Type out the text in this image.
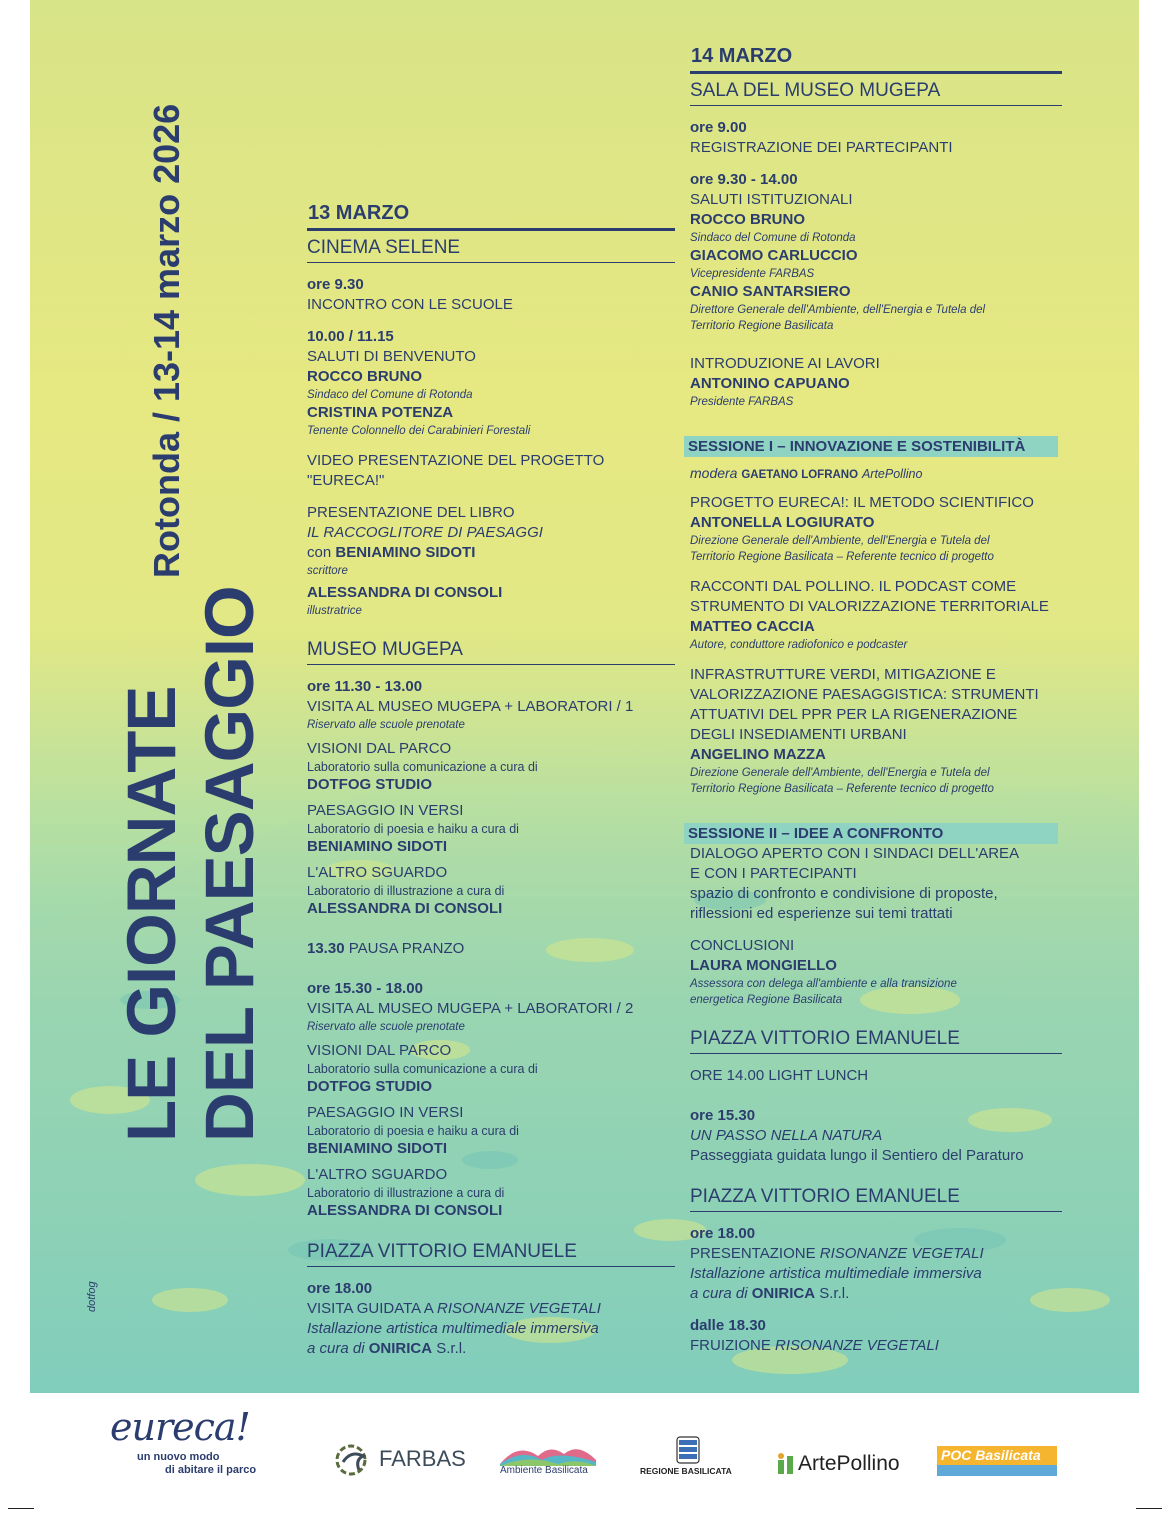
LE GIORNATE DEL PAESAGGIO
Rotonda / 13-14 marzo 2026
dotfog
13 MARZO
CINEMA SELENE
ore 9.30
INCONTRO CON LE SCUOLE
10.00 / 11.15
SALUTI DI BENVENUTO
ROCCO BRUNO
Sindaco del Comune di Rotonda
CRISTINA POTENZA
Tenente Colonnello dei Carabinieri Forestali
VIDEO PRESENTAZIONE DEL PROGETTO
"EURECA!"
PRESENTAZIONE DEL LIBRO
IL RACCOGLITORE DI PAESAGGI
con BENIAMINO SIDOTI
scrittore
ALESSANDRA DI CONSOLI
illustratrice
MUSEO MUGEPA
ore 11.30 - 13.00
VISITA AL MUSEO MUGEPA + LABORATORI / 1
Riservato alle scuole prenotate
VISIONI DAL PARCO
Laboratorio sulla comunicazione a cura di
DOTFOG STUDIO
PAESAGGIO IN VERSI
Laboratorio di poesia e haiku a cura di
BENIAMINO SIDOTI
L'ALTRO SGUARDO
Laboratorio di illustrazione a cura di
ALESSANDRA DI CONSOLI
13.30 PAUSA PRANZO
ore 15.30 - 18.00
VISITA AL MUSEO MUGEPA + LABORATORI / 2
Riservato alle scuole prenotate
VISIONI DAL PARCO
Laboratorio sulla comunicazione a cura di
DOTFOG STUDIO
PAESAGGIO IN VERSI
Laboratorio di poesia e haiku a cura di
BENIAMINO SIDOTI
L'ALTRO SGUARDO
Laboratorio di illustrazione a cura di
ALESSANDRA DI CONSOLI
PIAZZA VITTORIO EMANUELE
ore 18.00
VISITA GUIDATA A RISONANZE VEGETALI
Istallazione artistica multimediale immersiva
a cura di ONIRICA S.r.l.
14 MARZO
SALA DEL MUSEO MUGEPA
ore 9.00
REGISTRAZIONE DEI PARTECIPANTI
ore 9.30 - 14.00
SALUTI ISTITUZIONALI
ROCCO BRUNO
Sindaco del Comune di Rotonda
GIACOMO CARLUCCIO
Vicepresidente FARBAS
CANIO SANTARSIERO
Direttore Generale dell'Ambiente, dell'Energia e Tutela del
Territorio Regione Basilicata
INTRODUZIONE AI LAVORI
ANTONINO CAPUANO
Presidente FARBAS
SESSIONE I – INNOVAZIONE E SOSTENIBILITÀ
modera GAETANO LOFRANO ArtePollino
PROGETTO EURECA!: IL METODO SCIENTIFICO
ANTONELLA LOGIURATO
Direzione Generale dell'Ambiente, dell'Energia e Tutela del
Territorio Regione Basilicata – Referente tecnico di progetto
RACCONTI DAL POLLINO. IL PODCAST COME
STRUMENTO DI VALORIZZAZIONE TERRITORIALE
MATTEO CACCIA
Autore, conduttore radiofonico e podcaster
INFRASTRUTTURE VERDI, MITIGAZIONE E
VALORIZZAZIONE PAESAGGISTICA: STRUMENTI
ATTUATIVI DEL PPR PER LA RIGENERAZIONE
DEGLI INSEDIAMENTI URBANI
ANGELINO MAZZA
Direzione Generale dell'Ambiente, dell'Energia e Tutela del
Territorio Regione Basilicata – Referente tecnico di progetto
SESSIONE II – IDEE A CONFRONTO
DIALOGO APERTO CON I SINDACI DELL'AREA
E CON I PARTECIPANTI
spazio di confronto e condivisione di proposte,
riflessioni ed esperienze sui temi trattati
CONCLUSIONI
LAURA MONGIELLO
Assessora con delega all'ambiente e alla transizione
energetica Regione Basilicata
PIAZZA VITTORIO EMANUELE
ORE 14.00 LIGHT LUNCH
ore 15.30
UN PASSO NELLA NATURA
Passeggiata guidata lungo il Sentiero del Paraturo
PIAZZA VITTORIO EMANUELE
ore 18.00
PRESENTAZIONE RISONANZE VEGETALI
Istallazione artistica multimediale immersiva
a cura di ONIRICA S.r.l.
dalle 18.30
FRUIZIONE RISONANZE VEGETALI
eureca!
un nuovo modo
di abitare il parco	FARBAS	Ambiente Basilicata	REGIONE BASILICATA	ArtePollino	POC Basilicata
